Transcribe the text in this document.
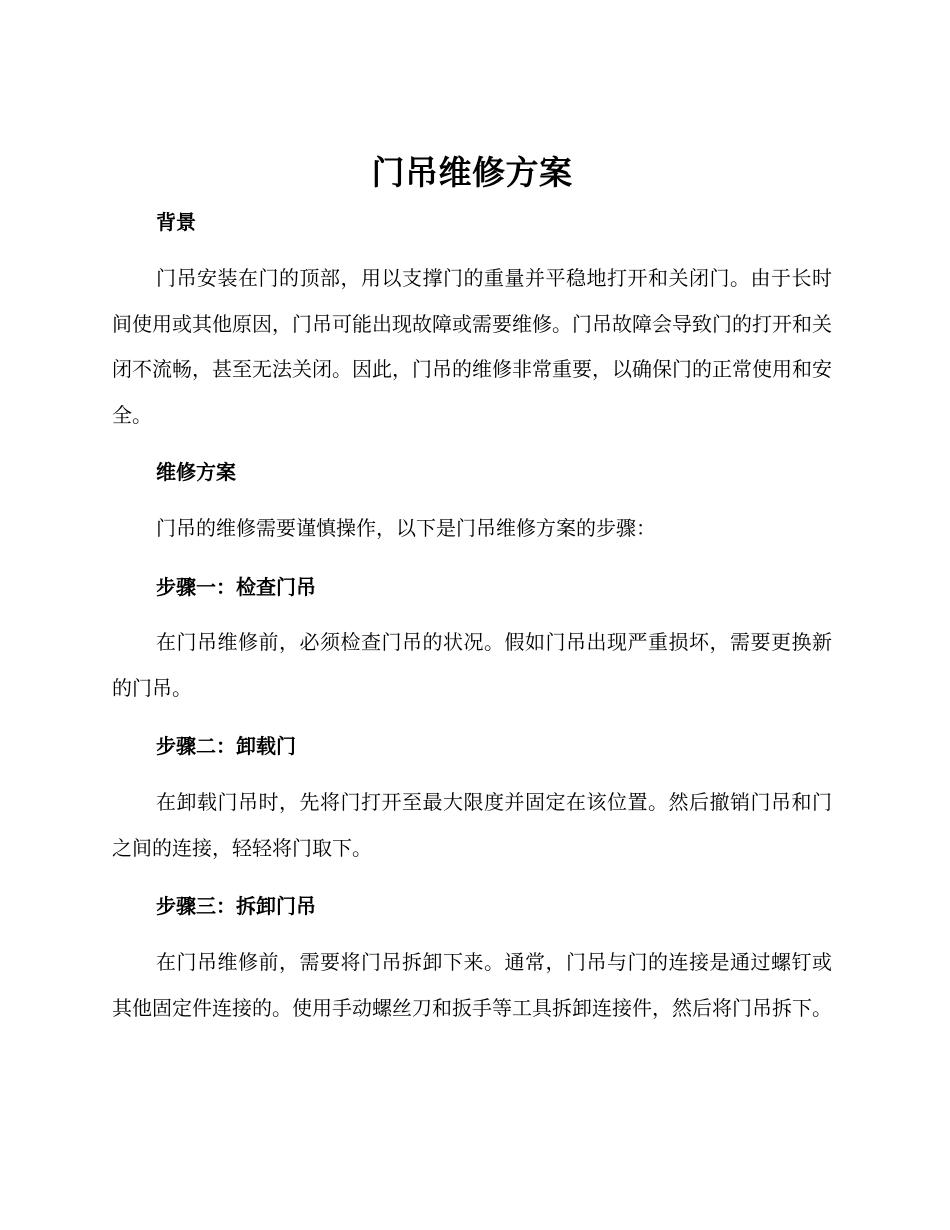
门吊维修方案
背景

门吊安装在门的顶部，用以支撑门的重量并平稳地打开和关闭门。由于长时间使用或其他原因，门吊可能出现故障或需要维修。门吊故障会导致门的打开和关闭不流畅，甚至无法关闭。因此，门吊的维修非常重要，以确保门的正常使用和安全。

维修方案

门吊的维修需要谨慎操作，以下是门吊维修方案的步骤：

步骤一：检查门吊

在门吊维修前，必须检查门吊的状况。假如门吊出现严重损坏，需要更换新的门吊。

步骤二：卸载门

在卸载门吊时，先将门打开至最大限度并固定在该位置。然后撤销门吊和门之间的连接，轻轻将门取下。

步骤三：拆卸门吊

在门吊维修前，需要将门吊拆卸下来。通常，门吊与门的连接是通过螺钉或其他固定件连接的。使用手动螺丝刀和扳手等工具拆卸连接件，然后将门吊拆下。
